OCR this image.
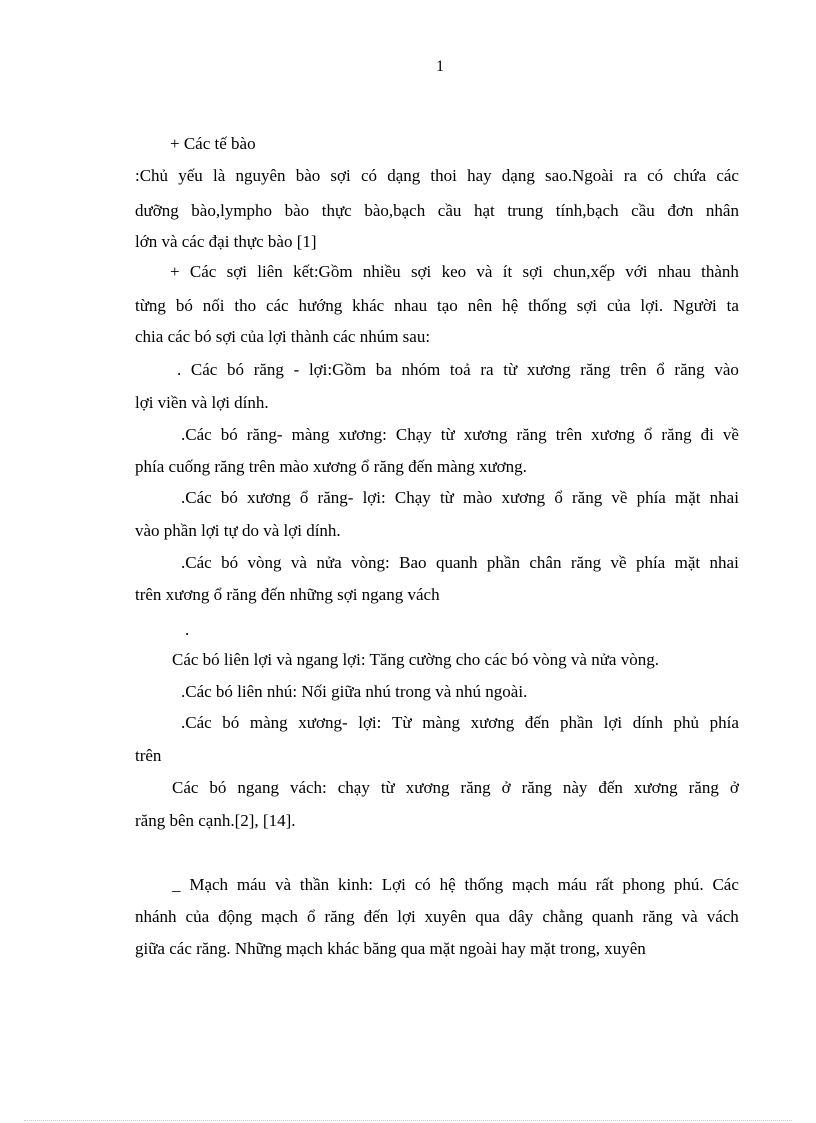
1
+ Các tế bào
:Chủ yếu là nguyên bào sợi có dạng thoi hay dạng sao.Ngoài ra có chứa các
dưỡng bào,lympho bào thực bào,bạch cầu hạt trung tính,bạch cầu đơn nhân
lớn và các đại thực bào [1]
+ Các sợi liên kết:Gồm nhiều sợi keo và ít sợi chun,xếp với nhau thành
từng bó nối tho các hướng khác nhau tạo nên hệ thống sợi của lợi. Người ta
chia các bó sợi của lợi thành các nhúm sau:
. Các bó răng - lợi:Gồm ba nhóm toả ra từ xương răng trên ổ răng vào
lợi viền và lợi dính.
.Các bó răng- màng xương: Chạy từ xương răng trên xương ổ răng đi về
phía cuống răng trên mào xương ổ răng đến màng xương.
.Các bó xương ổ răng- lợi: Chạy từ mào xương ổ răng về phía mặt nhai
vào phần lợi tự do và lợi dính.
.Các bó vòng và nửa vòng: Bao quanh phần chân răng về phía mặt nhai
trên xương ổ răng đến những sợi ngang vách
.
Các bó liên lợi và ngang lợi: Tăng cường cho các bó vòng và nửa vòng.
.Các bó liên nhú: Nối giữa nhú trong và nhú ngoài.
.Các bó màng xương- lợi: Từ màng xương đến phần lợi dính phủ phía
trên
Các bó ngang vách: chạy từ xương răng ở răng này đến xương răng ở
răng bên cạnh.[2], [14].
_ Mạch máu và thần kinh: Lợi có hệ thống mạch máu rất phong phú. Các
nhánh của động mạch ổ răng đến lợi xuyên qua dây chằng quanh răng và vách
giữa các răng. Những mạch khác băng qua mặt ngoài hay mặt trong, xuyên
